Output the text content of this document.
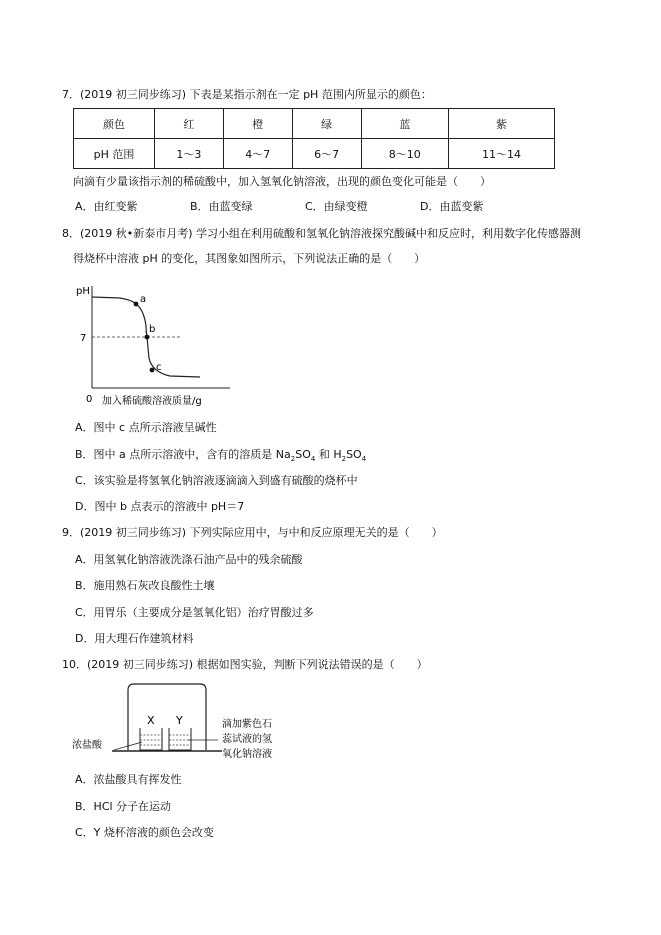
7．(2019 初三同步练习) 下表是某指示剂在一定 pH 范围内所显示的颜色：
颜色	红	橙	绿	蓝	紫
pH 范围	1～3	4～7	6～7	8～10	11～14
向滴有少量该指示剂的稀硫酸中，加入氢氧化钠溶液，出现的颜色变化可能是（　　）
A．由红变紫	B．由蓝变绿	C．由绿变橙	D．由蓝变紫
8．(2019 秋•新泰市月考) 学习小组在利用硫酸和氢氧化钠溶液探究酸碱中和反应时，利用数字化传感器测
得烧杯中溶液 pH 的变化，其图象如图所示，下列说法正确的是（　　）
pH
7
0
a
b
c
加入稀硫酸溶液质量/g
A．图中 c 点所示溶液呈碱性
B．图中 a 点所示溶液中，含有的溶质是 $Na_2SO_4$ 和 $H_2SO_4$
C．该实验是将氢氧化钠溶液逐滴滴入到盛有硫酸的烧杯中
D．图中 b 点表示的溶液中 pH＝7
9．(2019 初三同步练习) 下列实际应用中，与中和反应原理无关的是（　　）
A．用氢氧化钠溶液洗涤石油产品中的残余硫酸
B．施用熟石灰改良酸性土壤
C．用胃乐（主要成分是氢氧化铝）治疗胃酸过多
D．用大理石作建筑材料
10．(2019 初三同步练习) 根据如图实验，判断下列说法错误的是（　　）
X Y
浓盐酸
滴加紫色石
蕊试液的氢
氧化钠溶液
A．浓盐酸具有挥发性
B．HCl 分子在运动
C．Y 烧杯溶液的颜色会改变
